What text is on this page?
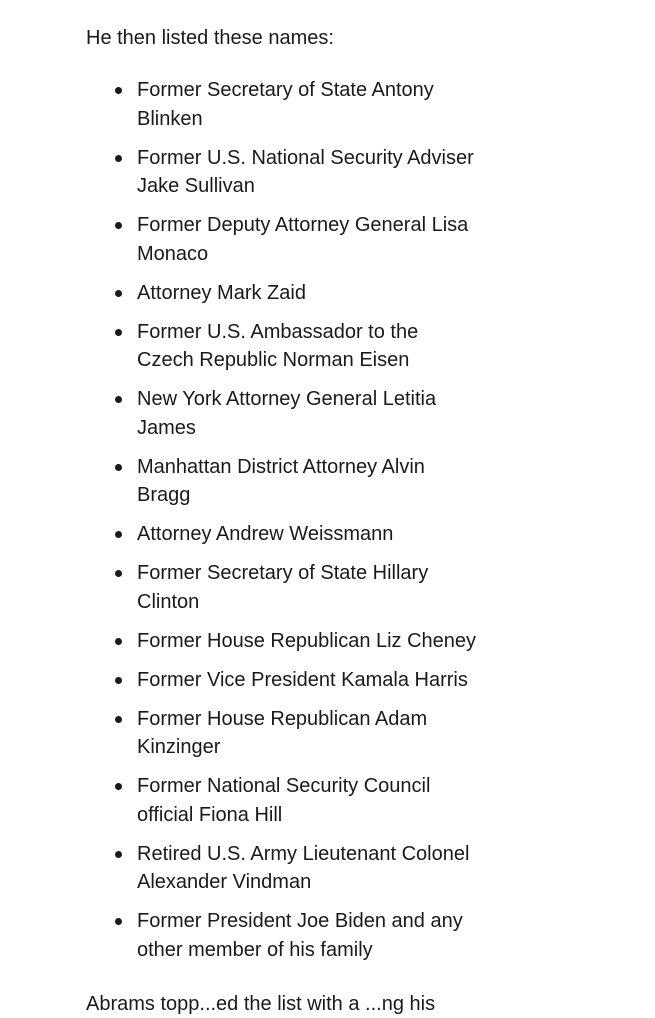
He then listed these names:

Former Secretary of State Antony
Blinken
Former U.S. National Security Adviser
Jake Sullivan
Former Deputy Attorney General Lisa
Monaco
Attorney Mark Zaid
Former U.S. Ambassador to the
Czech Republic Norman Eisen
New York Attorney General Letitia
James
Manhattan District Attorney Alvin
Bragg
Attorney Andrew Weissmann
Former Secretary of State Hillary
Clinton
Former House Republican Liz Cheney
Former Vice President Kamala Harris
Former House Republican Adam
Kinzinger
Former National Security Council
official Fiona Hill
Retired U.S. Army Lieutenant Colonel
Alexander Vindman
Former President Joe Biden and any
other member of his family

Abrams topp...ed the list with a ...ng his
